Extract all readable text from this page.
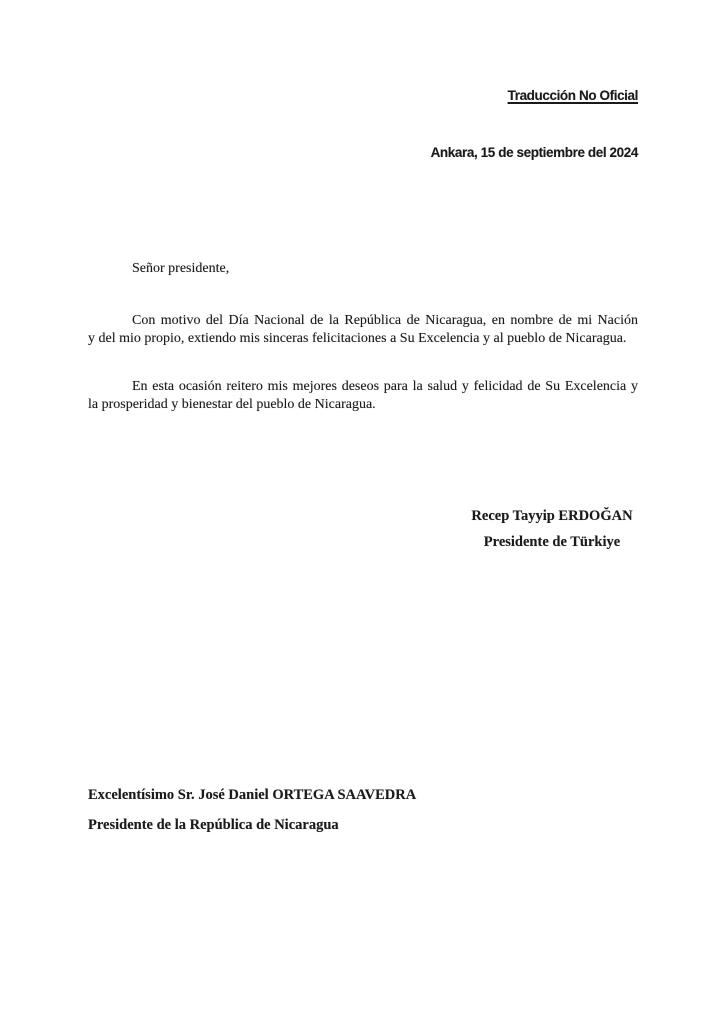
Traducción No Oficial
Ankara, 15 de septiembre del 2024
Señor presidente,
Con motivo del Día Nacional de la República de Nicaragua, en nombre de mi Nación
y del mio propio, extiendo mis sinceras felicitaciones a Su Excelencia y al pueblo de Nicaragua.
En esta ocasión reitero mis mejores deseos para la salud y felicidad de Su Excelencia y
la prosperidad y bienestar del pueblo de Nicaragua.
Recep Tayyip ERDOĞAN
Presidente de Türkiye
Excelentísimo Sr. José Daniel ORTEGA SAAVEDRA
Presidente de la República de Nicaragua
